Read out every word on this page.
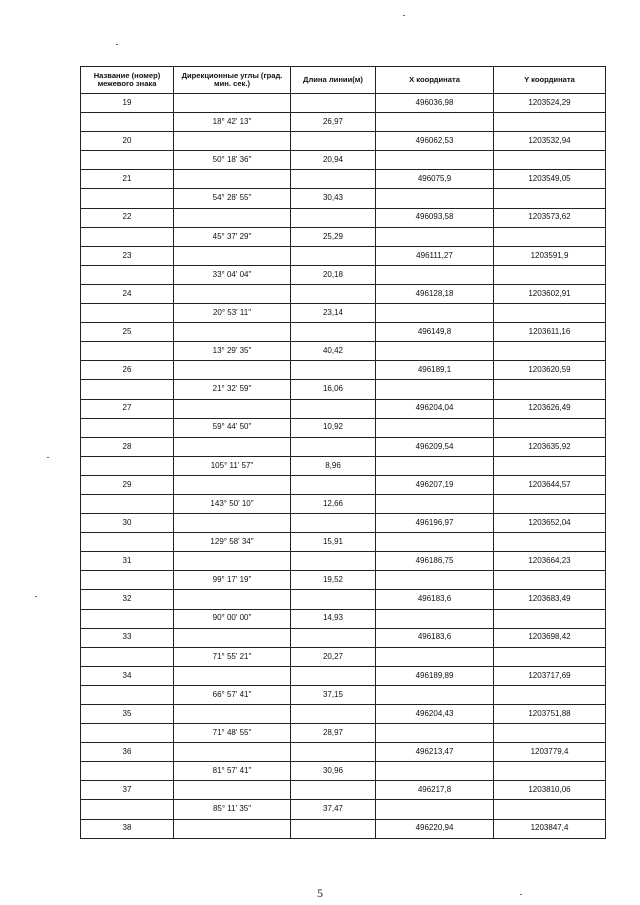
Название (номер) межевого знака	Дирекционные углы (град. мин. сек.)	Длина линии(м)	X координата	Y координата
19			496036,98	1203524,29
	18° 42' 13"	26,97		
20			496062,53	1203532,94
	50° 18' 36"	20,94		
21			496075,9	1203549,05
	54° 28' 55"	30,43		
22			496093,58	1203573,62
	45° 37' 29"	25,29		
23			496111,27	1203591,9
	33° 04' 04"	20,18		
24			496128,18	1203602,91
	20° 53' 11"	23,14		
25			496149,8	1203611,16
	13° 29' 35"	40,42		
26			496189,1	1203620,59
	21° 32' 59"	16,06		
27			496204,04	1203626,49
	59° 44' 50"	10,92		
28			496209,54	1203635,92
	105° 11' 57"	8,96		
29			496207,19	1203644,57
	143° 50' 10"	12,66		
30			496196,97	1203652,04
	129° 58' 34"	15,91		
31			496186,75	1203664,23
	99° 17' 19"	19,52		
32			496183,6	1203683,49
	90° 00' 00"	14,93		
33			496183,6	1203698,42
	71° 55' 21"	20,27		
34			496189,89	1203717,69
	66° 57' 41"	37,15		
35			496204,43	1203751,88
	71° 48' 55"	28,97		
36			496213,47	1203779,4
	81° 57' 41"	30,96		
37			496217,8	1203810,06
	85° 11' 35"	37,47		
38			496220,94	1203847,4
5
